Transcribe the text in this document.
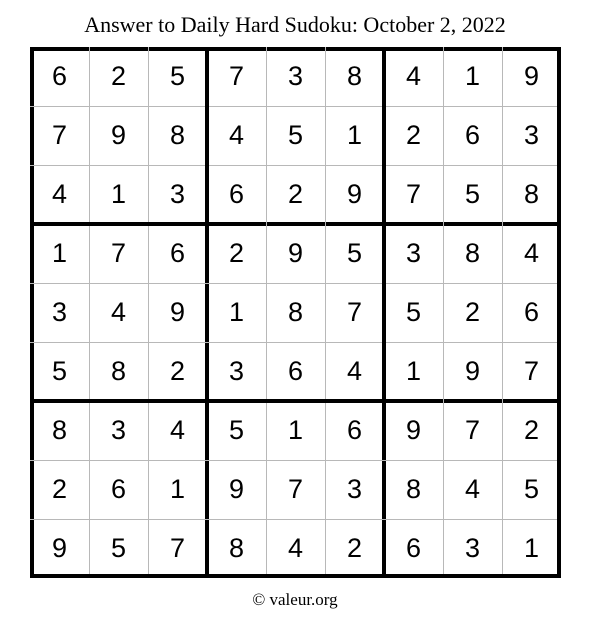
Answer to Daily Hard Sudoku: October 2, 2022
6	2	5	7	3	8	4	1	9
7	9	8	4	5	1	2	6	3
4	1	3	6	2	9	7	5	8
1	7	6	2	9	5	3	8	4
3	4	9	1	8	7	5	2	6
5	8	2	3	6	4	1	9	7
8	3	4	5	1	6	9	7	2
2	6	1	9	7	3	8	4	5
9	5	7	8	4	2	6	3	1
© valeur.org
